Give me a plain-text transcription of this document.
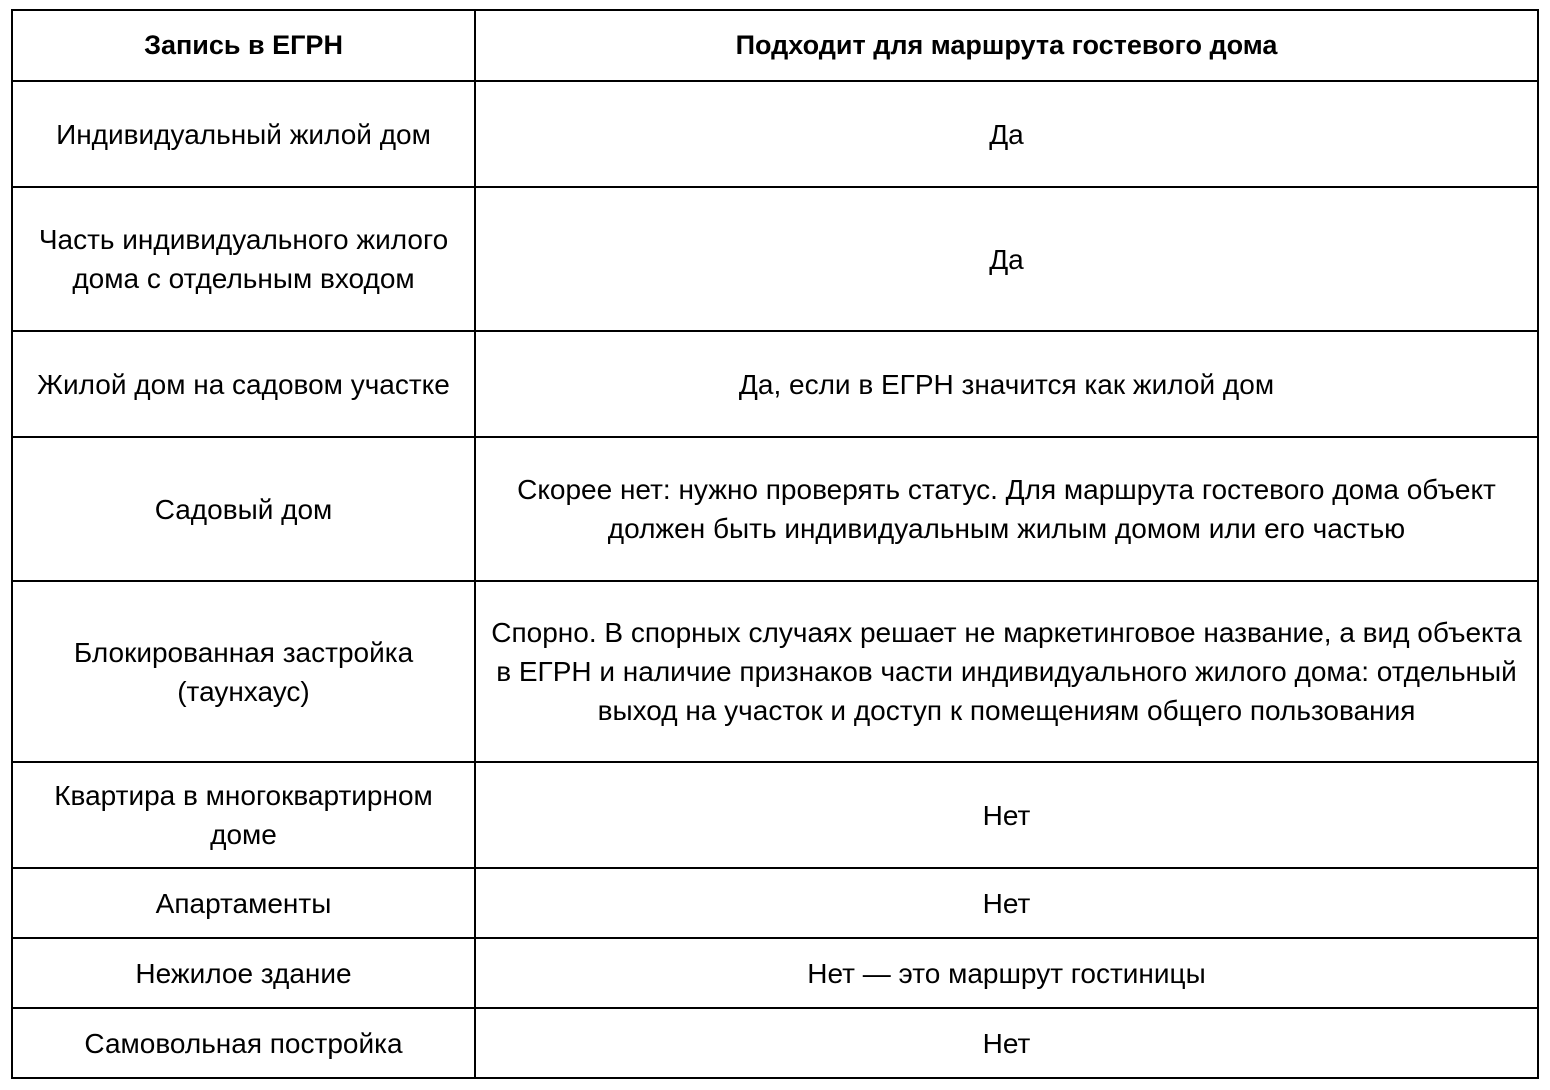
Запись в ЕГРН	Подходит для маршрута гостевого дома
Индивидуальный жилой дом	Да
Часть индивидуального жилого дома с отдельным входом	Да
Жилой дом на садовом участке	Да, если в ЕГРН значится как жилой дом
Садовый дом	Скорее нет: нужно проверять статус. Для маршрута гостевого дома объект должен быть индивидуальным жилым домом или его частью
Блокированная застройка (таунхаус)	Спорно. В спорных случаях решает не маркетинговое название, а вид объекта в ЕГРН и наличие признаков части индивидуального жилого дома: отдельный выход на участок и доступ к помещениям общего пользования
Квартира в многоквартирном доме	Нет
Апартаменты	Нет
Нежилое здание	Нет — это маршрут гостиницы
Самовольная постройка	Нет
